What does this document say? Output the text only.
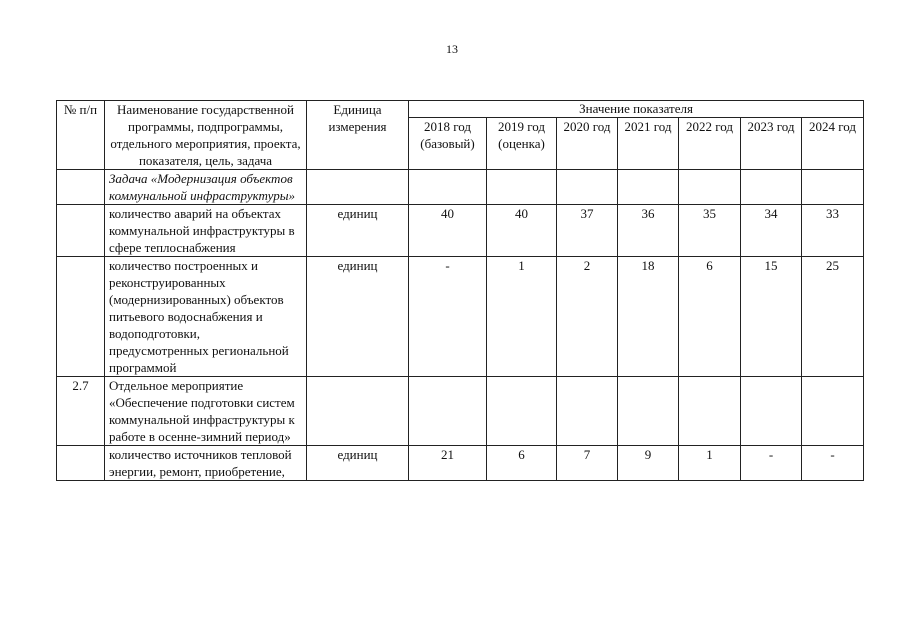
13
№ п/п	Наименование государственной программы, подпрограммы, отдельного мероприятия, проекта, показателя, цель, задача	Единица измерения	Значение показателя						
			2018 год (базовый)	2019 год (оценка)	2020 год	2021 год	2022 год	2023 год	2024 год
	Задача «Модернизация объектов коммунальной инфраструктуры»								
	количество аварий на объектах коммунальной инфраструктуры в сфере теплоснабжения	единиц	40	40	37	36	35	34	33
	количество построенных и реконструированных (модернизированных) объектов питьевого водоснабжения и водоподготовки, предусмотренных региональной программой	единиц	-	1	2	18	6	15	25
2.7	Отдельное мероприятие «Обеспечение подготовки систем коммунальной инфраструктуры к работе в осенне-зимний период»								
	количество источников тепловой энергии, ремонт, приобретение,	единиц	21	6	7	9	1	-	-
